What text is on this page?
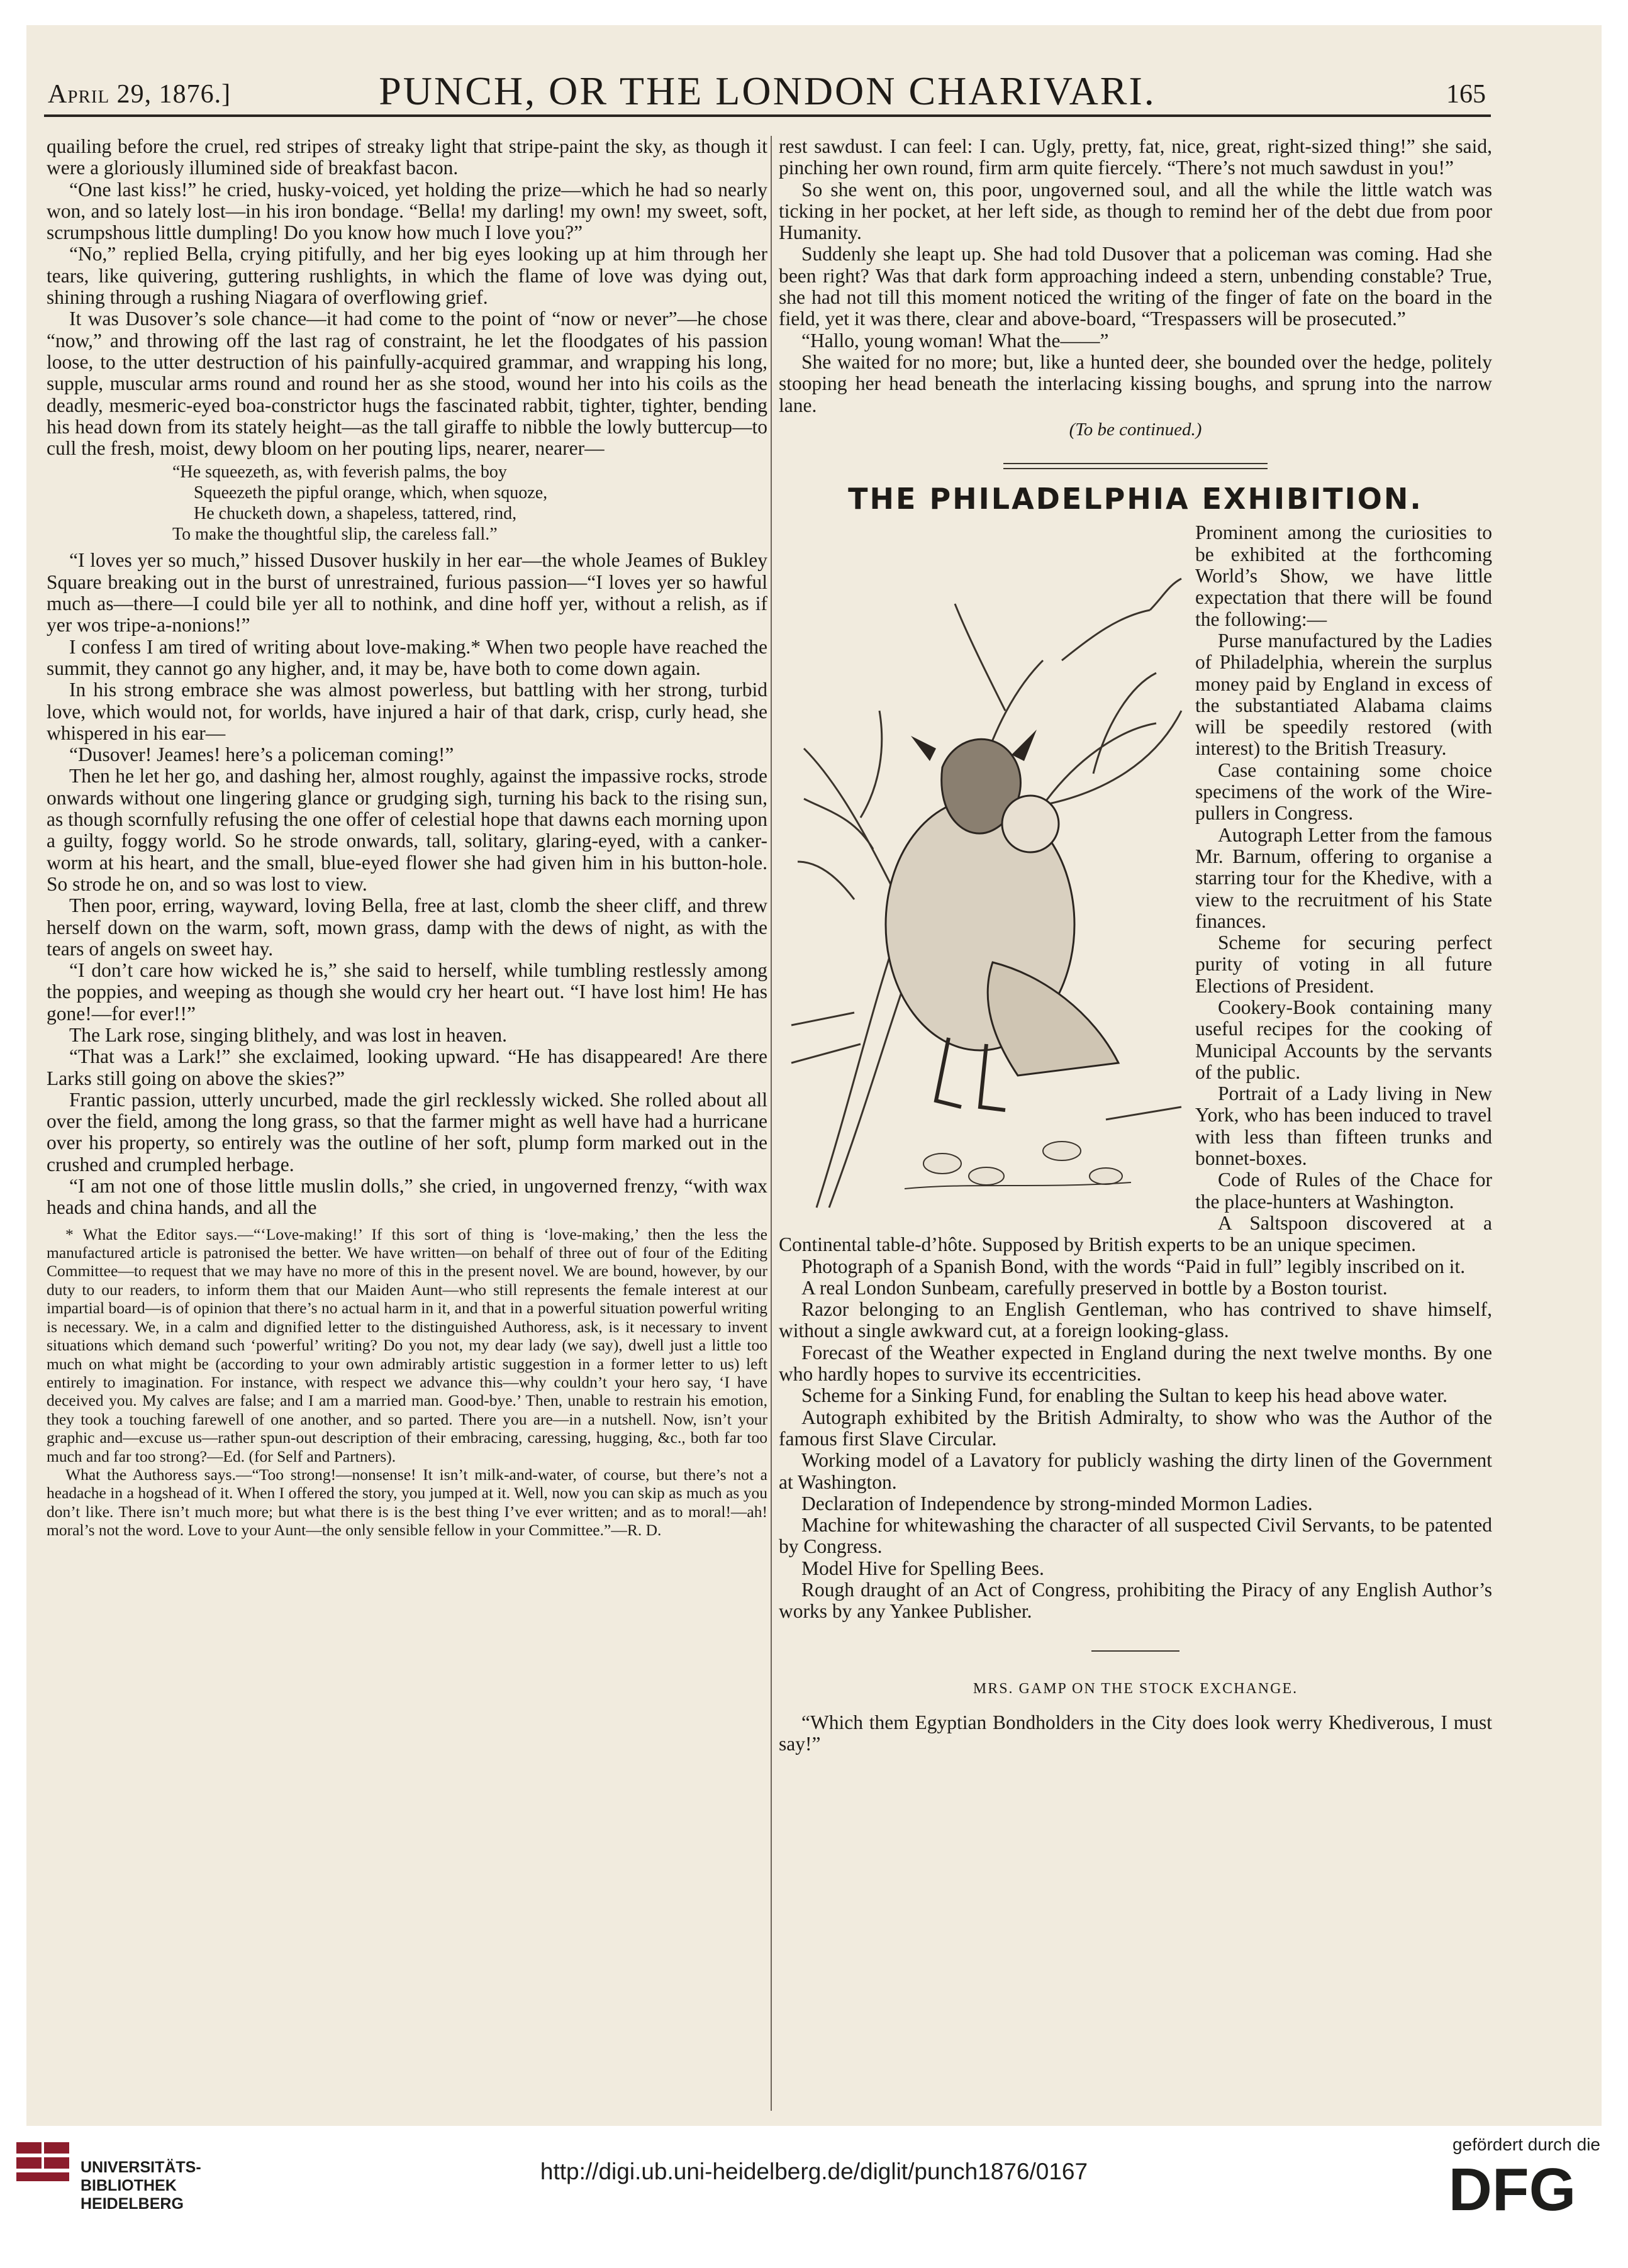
April 29, 1876.]	PUNCH, OR THE LONDON CHARIVARI.	165

quailing before the cruel, red stripes of streaky light that stripe-paint the sky, as though it were a gloriously illumined side of breakfast bacon.

“One last kiss!” he cried, husky-voiced, yet holding the prize—which he had so nearly won, and so lately lost—in his iron bondage. “Bella! my darling! my own! my sweet, soft, scrumpshous little dumpling! Do you know how much I love you?”

“No,” replied Bella, crying pitifully, and her big eyes looking up at him through her tears, like quivering, guttering rushlights, in which the flame of love was dying out, shining through a rushing Niagara of overflowing grief.

It was Dusover’s sole chance—it had come to the point of “now or never”—he chose “now,” and throwing off the last rag of constraint, he let the floodgates of his passion loose, to the utter destruction of his painfully-acquired grammar, and wrapping his long, supple, muscular arms round and round her as she stood, wound her into his coils as the deadly, mesmeric-eyed boa-constrictor hugs the fascinated rabbit, tighter, tighter, bending his head down from its stately height—as the tall giraffe to nibble the lowly buttercup—to cull the fresh, moist, dewy bloom on her pouting lips, nearer, nearer—

“He squeezeth, as, with feverish palms, the boy
Squeezeth the pipful orange, which, when squoze,
He chucketh down, a shapeless, tattered, rind,
To make the thoughtful slip, the careless fall.”

“I loves yer so much,” hissed Dusover huskily in her ear—the whole Jeames of Bukley Square breaking out in the burst of unrestrained, furious passion—“I loves yer so hawful much as—there—I could bile yer all to nothink, and dine hoff yer, without a relish, as if yer wos tripe-a-nonions!”

I confess I am tired of writing about love-making.* When two people have reached the summit, they cannot go any higher, and, it may be, have both to come down again.

In his strong embrace she was almost powerless, but battling with her strong, turbid love, which would not, for worlds, have injured a hair of that dark, crisp, curly head, she whispered in his ear—

“Dusover! Jeames! here’s a policeman coming!”

Then he let her go, and dashing her, almost roughly, against the impassive rocks, strode onwards without one lingering glance or grudging sigh, turning his back to the rising sun, as though scornfully refusing the one offer of celestial hope that dawns each morning upon a guilty, foggy world. So he strode onwards, tall, solitary, glaring-eyed, with a canker-worm at his heart, and the small, blue-eyed flower she had given him in his button-hole. So strode he on, and so was lost to view.

Then poor, erring, wayward, loving Bella, free at last, clomb the sheer cliff, and threw herself down on the warm, soft, mown grass, damp with the dews of night, as with the tears of angels on sweet hay.

“I don’t care how wicked he is,” she said to herself, while tumbling restlessly among the poppies, and weeping as though she would cry her heart out. “I have lost him! He has gone!—for ever!!”

The Lark rose, singing blithely, and was lost in heaven.

“That was a Lark!” she exclaimed, looking upward. “He has disappeared! Are there Larks still going on above the skies?”

Frantic passion, utterly uncurbed, made the girl recklessly wicked. She rolled about all over the field, among the long grass, so that the farmer might as well have had a hurricane over his property, so entirely was the outline of her soft, plump form marked out in the crushed and crumpled herbage.

“I am not one of those little muslin dolls,” she cried, in ungoverned frenzy, “with wax heads and china hands, and all the

* What the Editor says.—“‘Love-making!’ If this sort of thing is ‘love-making,’ then the less the manufactured article is patronised the better. We have written—on behalf of three out of four of the Editing Committee—to request that we may have no more of this in the present novel. We are bound, however, by our duty to our readers, to inform them that our Maiden Aunt—who still represents the female interest at our impartial board—is of opinion that there’s no actual harm in it, and that in a powerful situation powerful writing is necessary. We, in a calm and dignified letter to the distinguished Authoress, ask, is it necessary to invent situations which demand such ‘powerful’ writing? Do you not, my dear lady (we say), dwell just a little too much on what might be (according to your own admirably artistic suggestion in a former letter to us) left entirely to imagination. For instance, with respect we advance this—why couldn’t your hero say, ‘I have deceived you. My calves are false; and I am a married man. Good-bye.’ Then, unable to restrain his emotion, they took a touching farewell of one another, and so parted. There you are—in a nutshell. Now, isn’t your graphic and—excuse us—rather spun-out description of their embracing, caressing, hugging, &c., both far too much and far too strong?—Ed. (for Self and Partners).

What the Authoress says.—“Too strong!—nonsense! It isn’t milk-and-water, of course, but there’s not a headache in a hogshead of it. When I offered the story, you jumped at it. Well, now you can skip as much as you don’t like. There isn’t much more; but what there is is the best thing I’ve ever written; and as to moral!—ah! moral’s not the word. Love to your Aunt—the only sensible fellow in your Committee.”—R. D.

rest sawdust. I can feel: I can. Ugly, pretty, fat, nice, great, right-sized thing!” she said, pinching her own round, firm arm quite fiercely. “There’s not much sawdust in you!”

So she went on, this poor, ungoverned soul, and all the while the little watch was ticking in her pocket, at her left side, as though to remind her of the debt due from poor Humanity.

Suddenly she leapt up. She had told Dusover that a policeman was coming. Had she been right? Was that dark form approaching indeed a stern, unbending constable? True, she had not till this moment noticed the writing of the finger of fate on the board in the field, yet it was there, clear and above-board, “Trespassers will be prosecuted.”

“Hallo, young woman! What the——”

She waited for no more; but, like a hunted deer, she bounded over the hedge, politely stooping her head beneath the interlacing kissing boughs, and sprung into the narrow lane.

(To be continued.)
THE PHILADELPHIA EXHIBITION.

Prominent among the curiosities to be exhibited at the forthcoming World’s Show, we have little expectation that there will be found the following:—

Purse manufactured by the Ladies of Philadelphia, wherein the surplus money paid by England in excess of the substantiated Alabama claims will be speedily restored (with interest) to the British Treasury.

Case containing some choice specimens of the work of the Wire-pullers in Congress.

Autograph Letter from the famous Mr. Barnum, offering to organise a starring tour for the Khedive, with a view to the recruitment of his State finances.

Scheme for securing perfect purity of voting in all future Elections of President.

Cookery-Book containing many useful recipes for the cooking of Municipal Accounts by the servants of the public.

Portrait of a Lady living in New York, who has been induced to travel with less than fifteen trunks and bonnet-boxes.

Code of Rules of the Chace for the place-hunters at Washington.

A Saltspoon discovered at a Continental table-d’hôte. Supposed by British experts to be an unique specimen.

Photograph of a Spanish Bond, with the words “Paid in full” legibly inscribed on it.

A real London Sunbeam, carefully preserved in bottle by a Boston tourist.

Razor belonging to an English Gentleman, who has contrived to shave himself, without a single awkward cut, at a foreign looking-glass.

Forecast of the Weather expected in England during the next twelve months. By one who hardly hopes to survive its eccentricities.

Scheme for a Sinking Fund, for enabling the Sultan to keep his head above water.

Autograph exhibited by the British Admiralty, to show who was the Author of the famous first Slave Circular.

Working model of a Lavatory for publicly washing the dirty linen of the Government at Washington.

Declaration of Independence by strong-minded Mormon Ladies.

Machine for whitewashing the character of all suspected Civil Servants, to be patented by Congress.

Model Hive for Spelling Bees.

Rough draught of an Act of Congress, prohibiting the Piracy of any English Author’s works by any Yankee Publisher.

MRS. GAMP ON THE STOCK EXCHANGE.

“Which them Egyptian Bondholders in the City does look werry Khediverous, I must say!”

UNIVERSITÄTS-
BIBLIOTHEK
HEIDELBERG
http://digi.ub.uni-heidelberg.de/diglit/punch1876/0167
gefördert durch die
DFG
